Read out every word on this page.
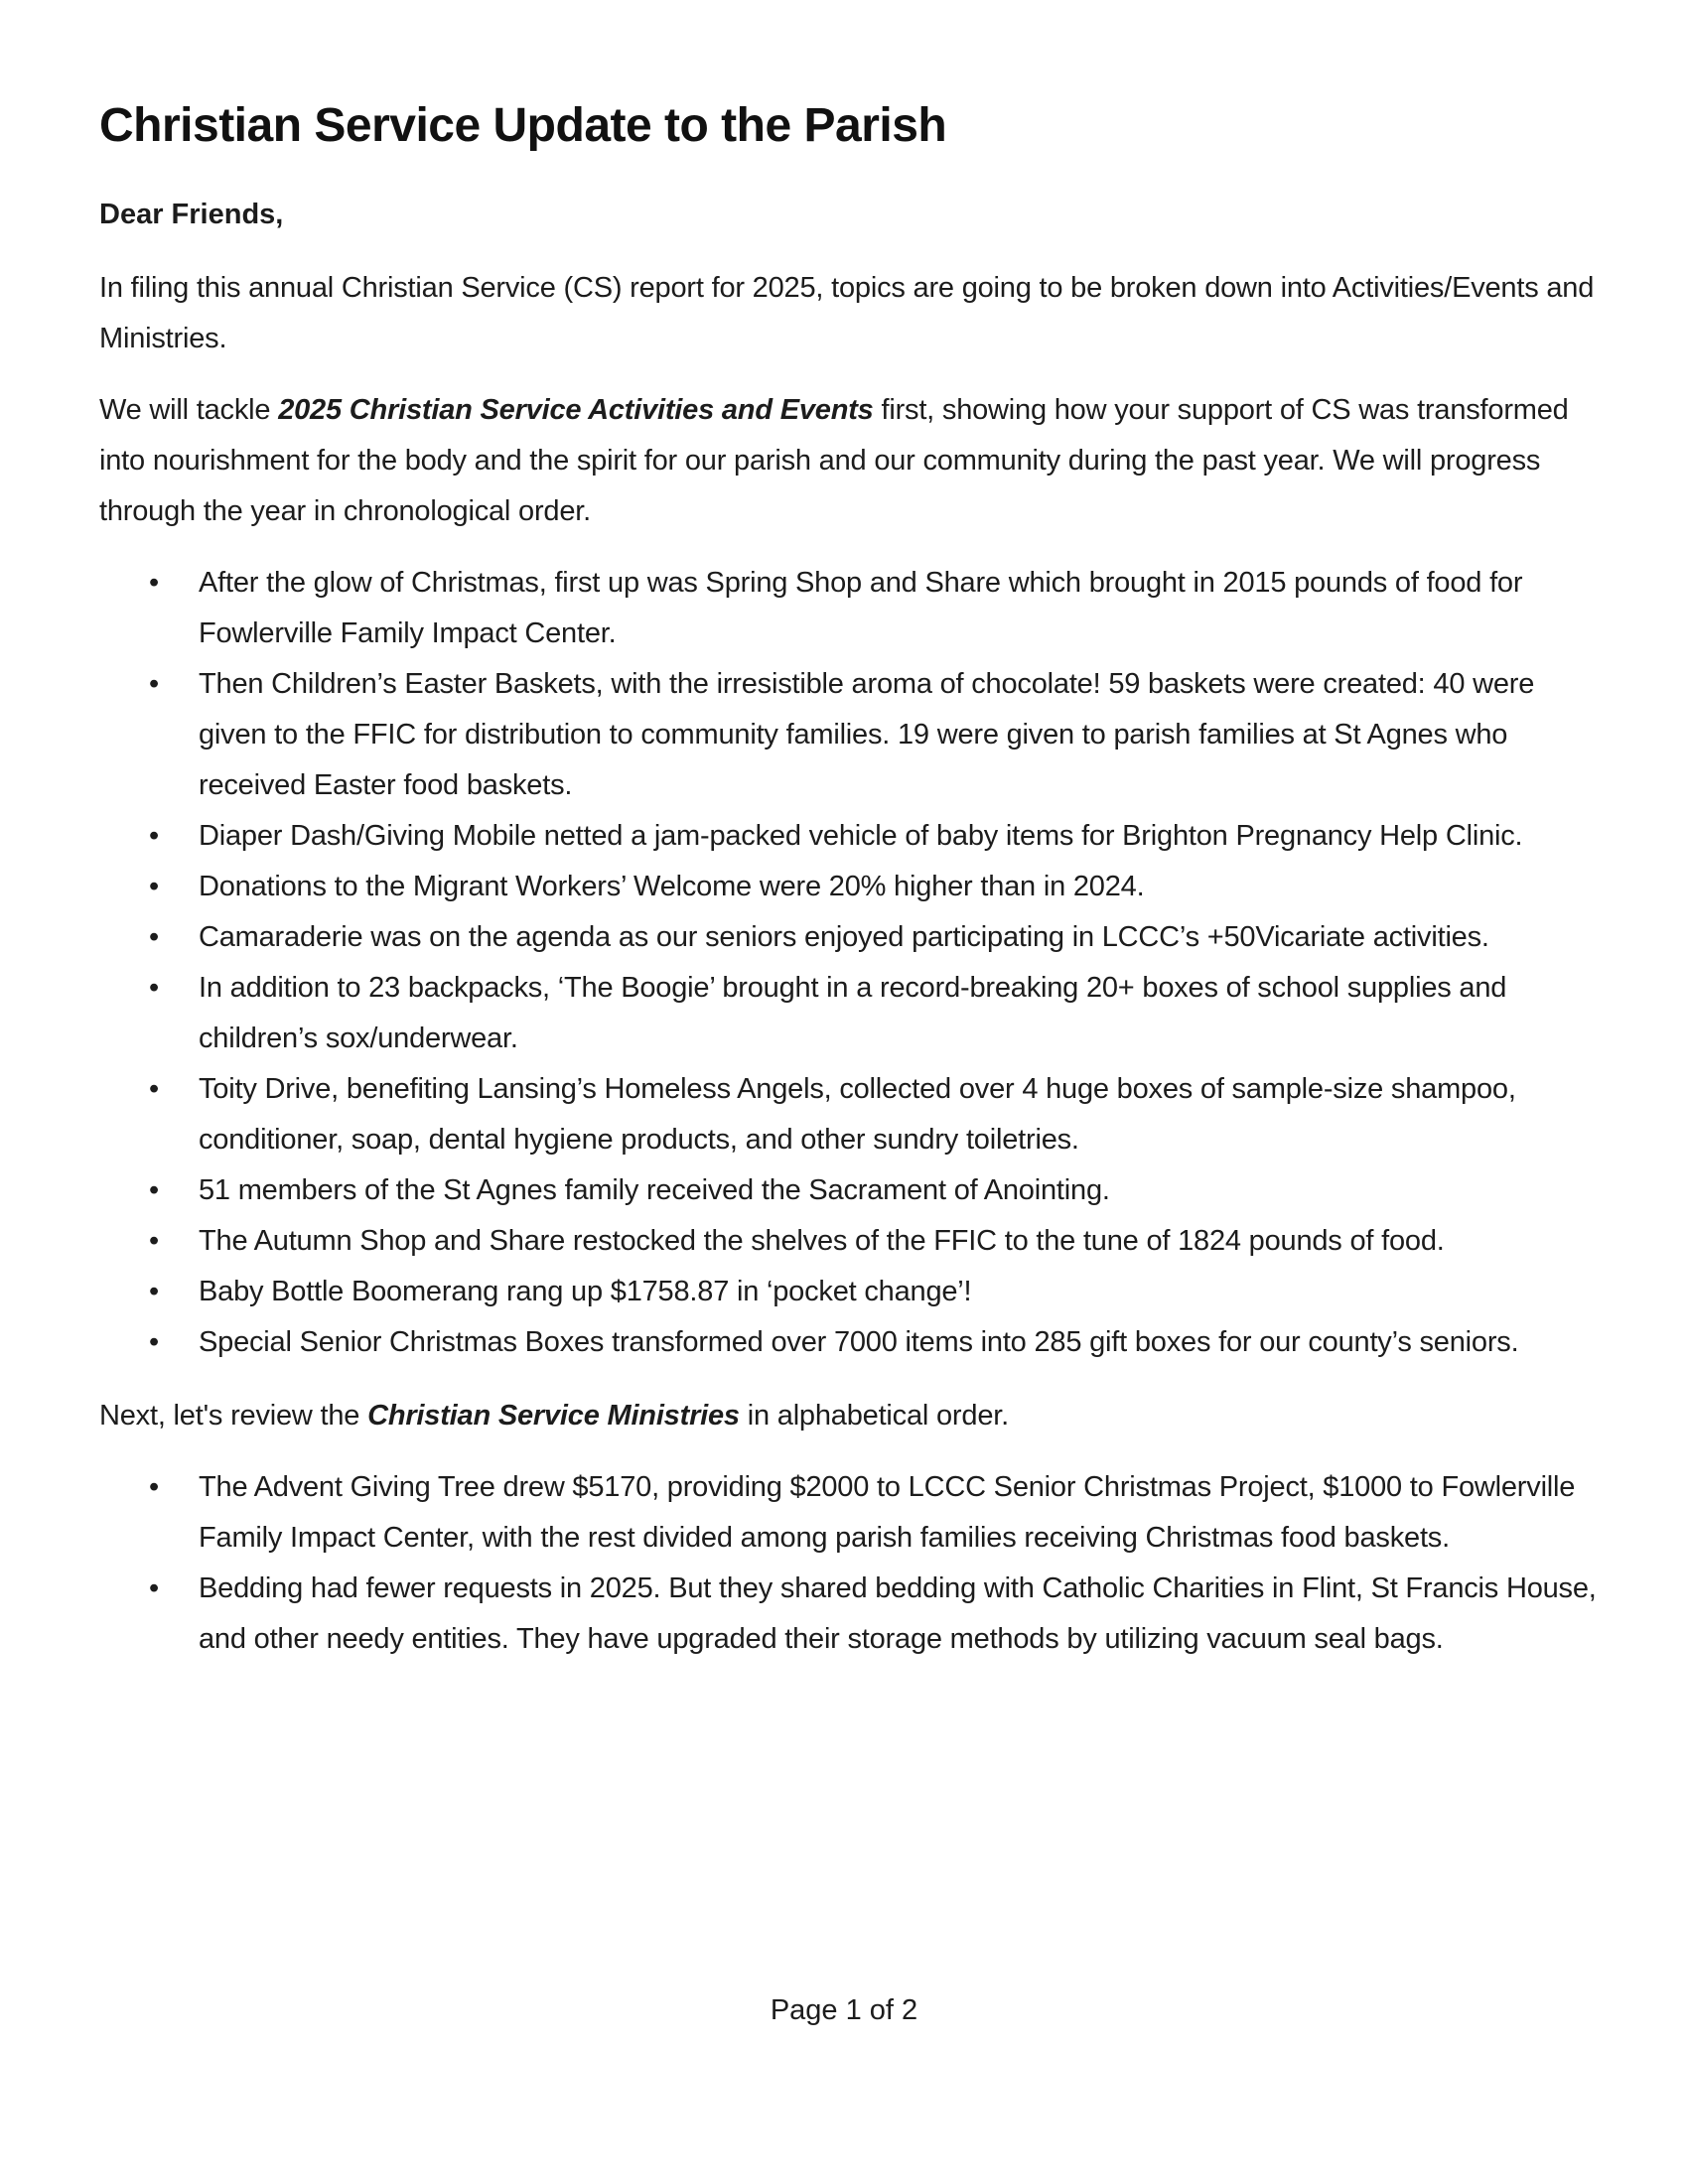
Christian Service Update to the Parish
Dear Friends,

In filing this annual Christian Service (CS) report for 2025, topics are going to be broken down into Activities/Events and Ministries.

We will tackle 2025 Christian Service Activities and Events first, showing how your support of CS was transformed into nourishment for the body and the spirit for our parish and our community during the past year. We will progress through the year in chronological order.

• After the glow of Christmas, first up was Spring Shop and Share which brought in 2015 pounds of food for Fowlerville Family Impact Center.
• Then Children’s Easter Baskets, with the irresistible aroma of chocolate! 59 baskets were created: 40 were given to the FFIC for distribution to community families. 19 were given to parish families at St Agnes who received Easter food baskets.
• Diaper Dash/Giving Mobile netted a jam-packed vehicle of baby items for Brighton Pregnancy Help Clinic.
• Donations to the Migrant Workers’ Welcome were 20% higher than in 2024.
• Camaraderie was on the agenda as our seniors enjoyed participating in LCCC’s +50Vicariate activities.
• In addition to 23 backpacks, ‘The Boogie’ brought in a record-breaking 20+ boxes of school supplies and children’s sox/underwear.
• Toity Drive, benefiting Lansing’s Homeless Angels, collected over 4 huge boxes of sample-size shampoo, conditioner, soap, dental hygiene products, and other sundry toiletries.
• 51 members of the St Agnes family received the Sacrament of Anointing.
• The Autumn Shop and Share restocked the shelves of the FFIC to the tune of 1824 pounds of food.
• Baby Bottle Boomerang rang up $1758.87 in ‘pocket change’!
• Special Senior Christmas Boxes transformed over 7000 items into 285 gift boxes for our county’s seniors.

Next, let's review the Christian Service Ministries in alphabetical order.

• The Advent Giving Tree drew $5170, providing $2000 to LCCC Senior Christmas Project, $1000 to Fowlerville Family Impact Center, with the rest divided among parish families receiving Christmas food baskets.
• Bedding had fewer requests in 2025. But they shared bedding with Catholic Charities in Flint, St Francis House, and other needy entities. They have upgraded their storage methods by utilizing vacuum seal bags.
Page 1 of 2
